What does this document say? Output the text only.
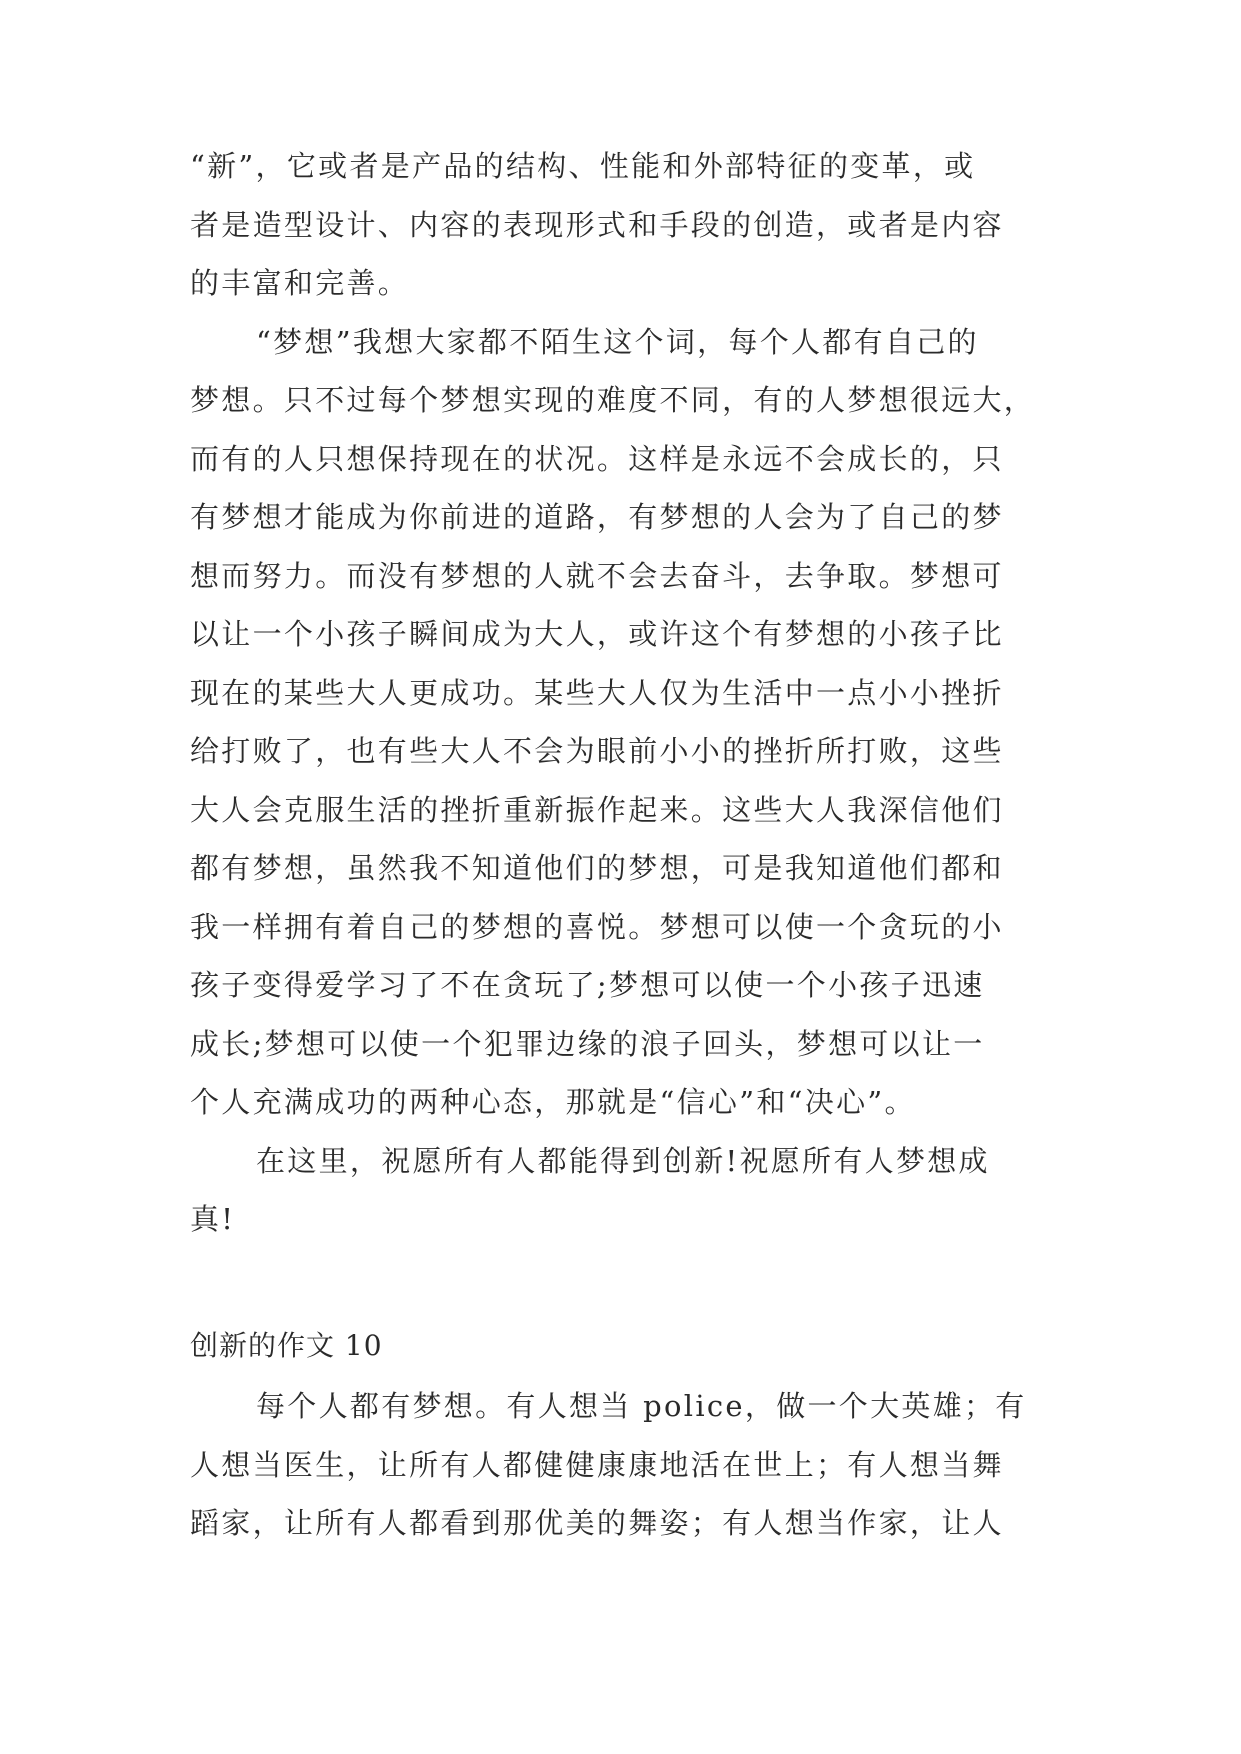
“新”，它或者是产品的结构、性能和外部特征的变革，或
者是造型设计、内容的表现形式和手段的创造，或者是内容
的丰富和完善。
“梦想”我想大家都不陌生这个词，每个人都有自己的
梦想。只不过每个梦想实现的难度不同，有的人梦想很远大，
而有的人只想保持现在的状况。这样是永远不会成长的，只
有梦想才能成为你前进的道路，有梦想的人会为了自己的梦
想而努力。而没有梦想的人就不会去奋斗，去争取。梦想可
以让一个小孩子瞬间成为大人，或许这个有梦想的小孩子比
现在的某些大人更成功。某些大人仅为生活中一点小小挫折
给打败了，也有些大人不会为眼前小小的挫折所打败，这些
大人会克服生活的挫折重新振作起来。这些大人我深信他们
都有梦想，虽然我不知道他们的梦想，可是我知道他们都和
我一样拥有着自己的梦想的喜悦。梦想可以使一个贪玩的小
孩子变得爱学习了不在贪玩了;梦想可以使一个小孩子迅速
成长;梦想可以使一个犯罪边缘的浪子回头，梦想可以让一
个人充满成功的两种心态，那就是“信心”和“决心”。
在这里，祝愿所有人都能得到创新!祝愿所有人梦想成
真!
创新的作文 10
每个人都有梦想。有人想当 police，做一个大英雄；有
人想当医生，让所有人都健健康康地活在世上；有人想当舞
蹈家，让所有人都看到那优美的舞姿；有人想当作家，让人
